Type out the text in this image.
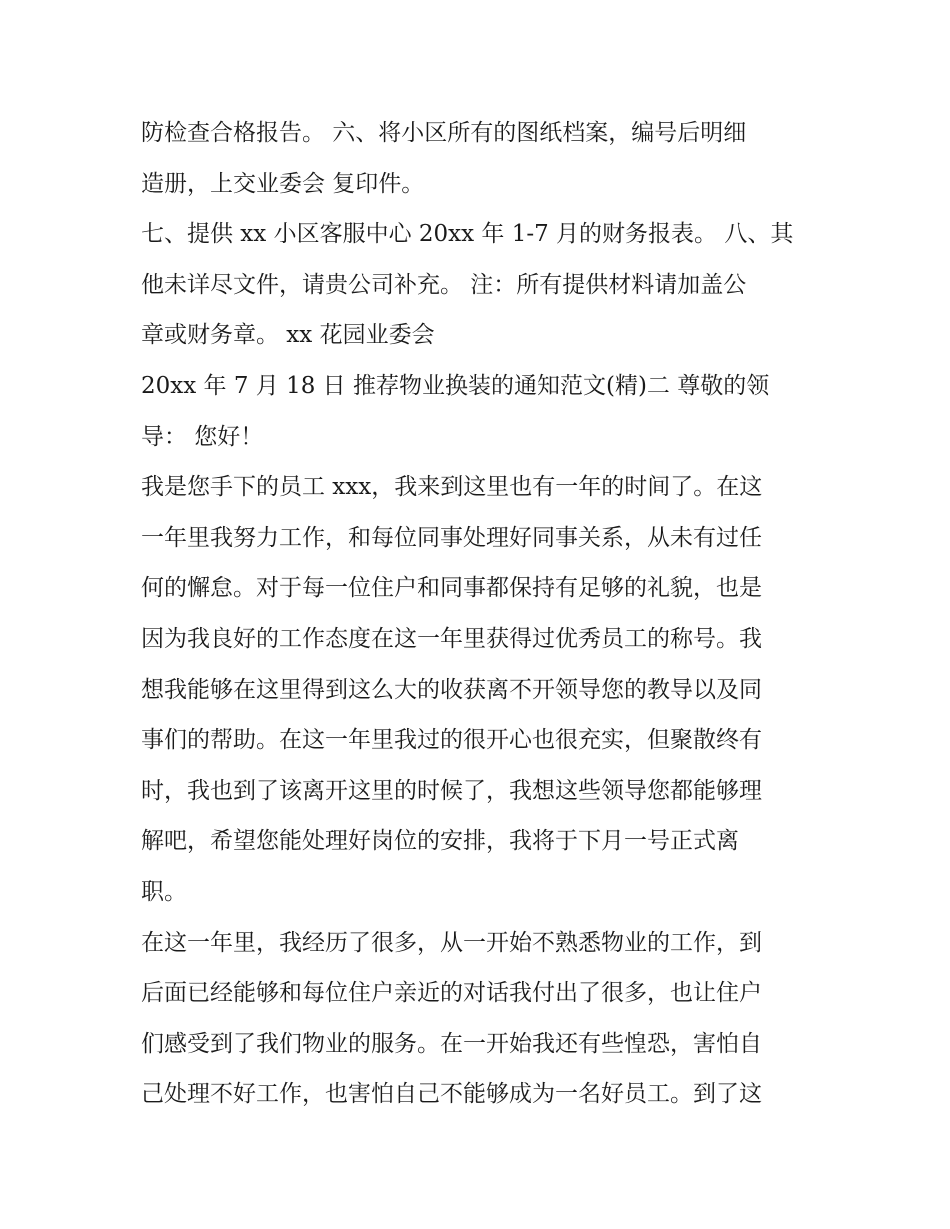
防检查合格报告。 六、将小区所有的图纸档案，编号后明细
造册，上交业委会 复印件。
七、提供 xx 小区客服中心 20xx 年 1-7 月的财务报表。 八、其
他未详尽文件，请贵公司补充。 注：所有提供材料请加盖公
章或财务章。 xx 花园业委会
20xx 年 7 月 18 日 推荐物业换装的通知范文(精)二 尊敬的领
导： 您好！
我是您手下的员工 xxx，我来到这里也有一年的时间了。在这
一年里我努力工作，和每位同事处理好同事关系，从未有过任
何的懈怠。对于每一位住户和同事都保持有足够的礼貌，也是
因为我良好的工作态度在这一年里获得过优秀员工的称号。我
想我能够在这里得到这么大的收获离不开领导您的教导以及同
事们的帮助。在这一年里我过的很开心也很充实，但聚散终有
时，我也到了该离开这里的时候了，我想这些领导您都能够理
解吧，希望您能处理好岗位的安排，我将于下月一号正式离
职。
在这一年里，我经历了很多，从一开始不熟悉物业的工作，到
后面已经能够和每位住户亲近的对话我付出了很多，也让住户
们感受到了我们物业的服务。在一开始我还有些惶恐，害怕自
己处理不好工作，也害怕自己不能够成为一名好员工。到了这
